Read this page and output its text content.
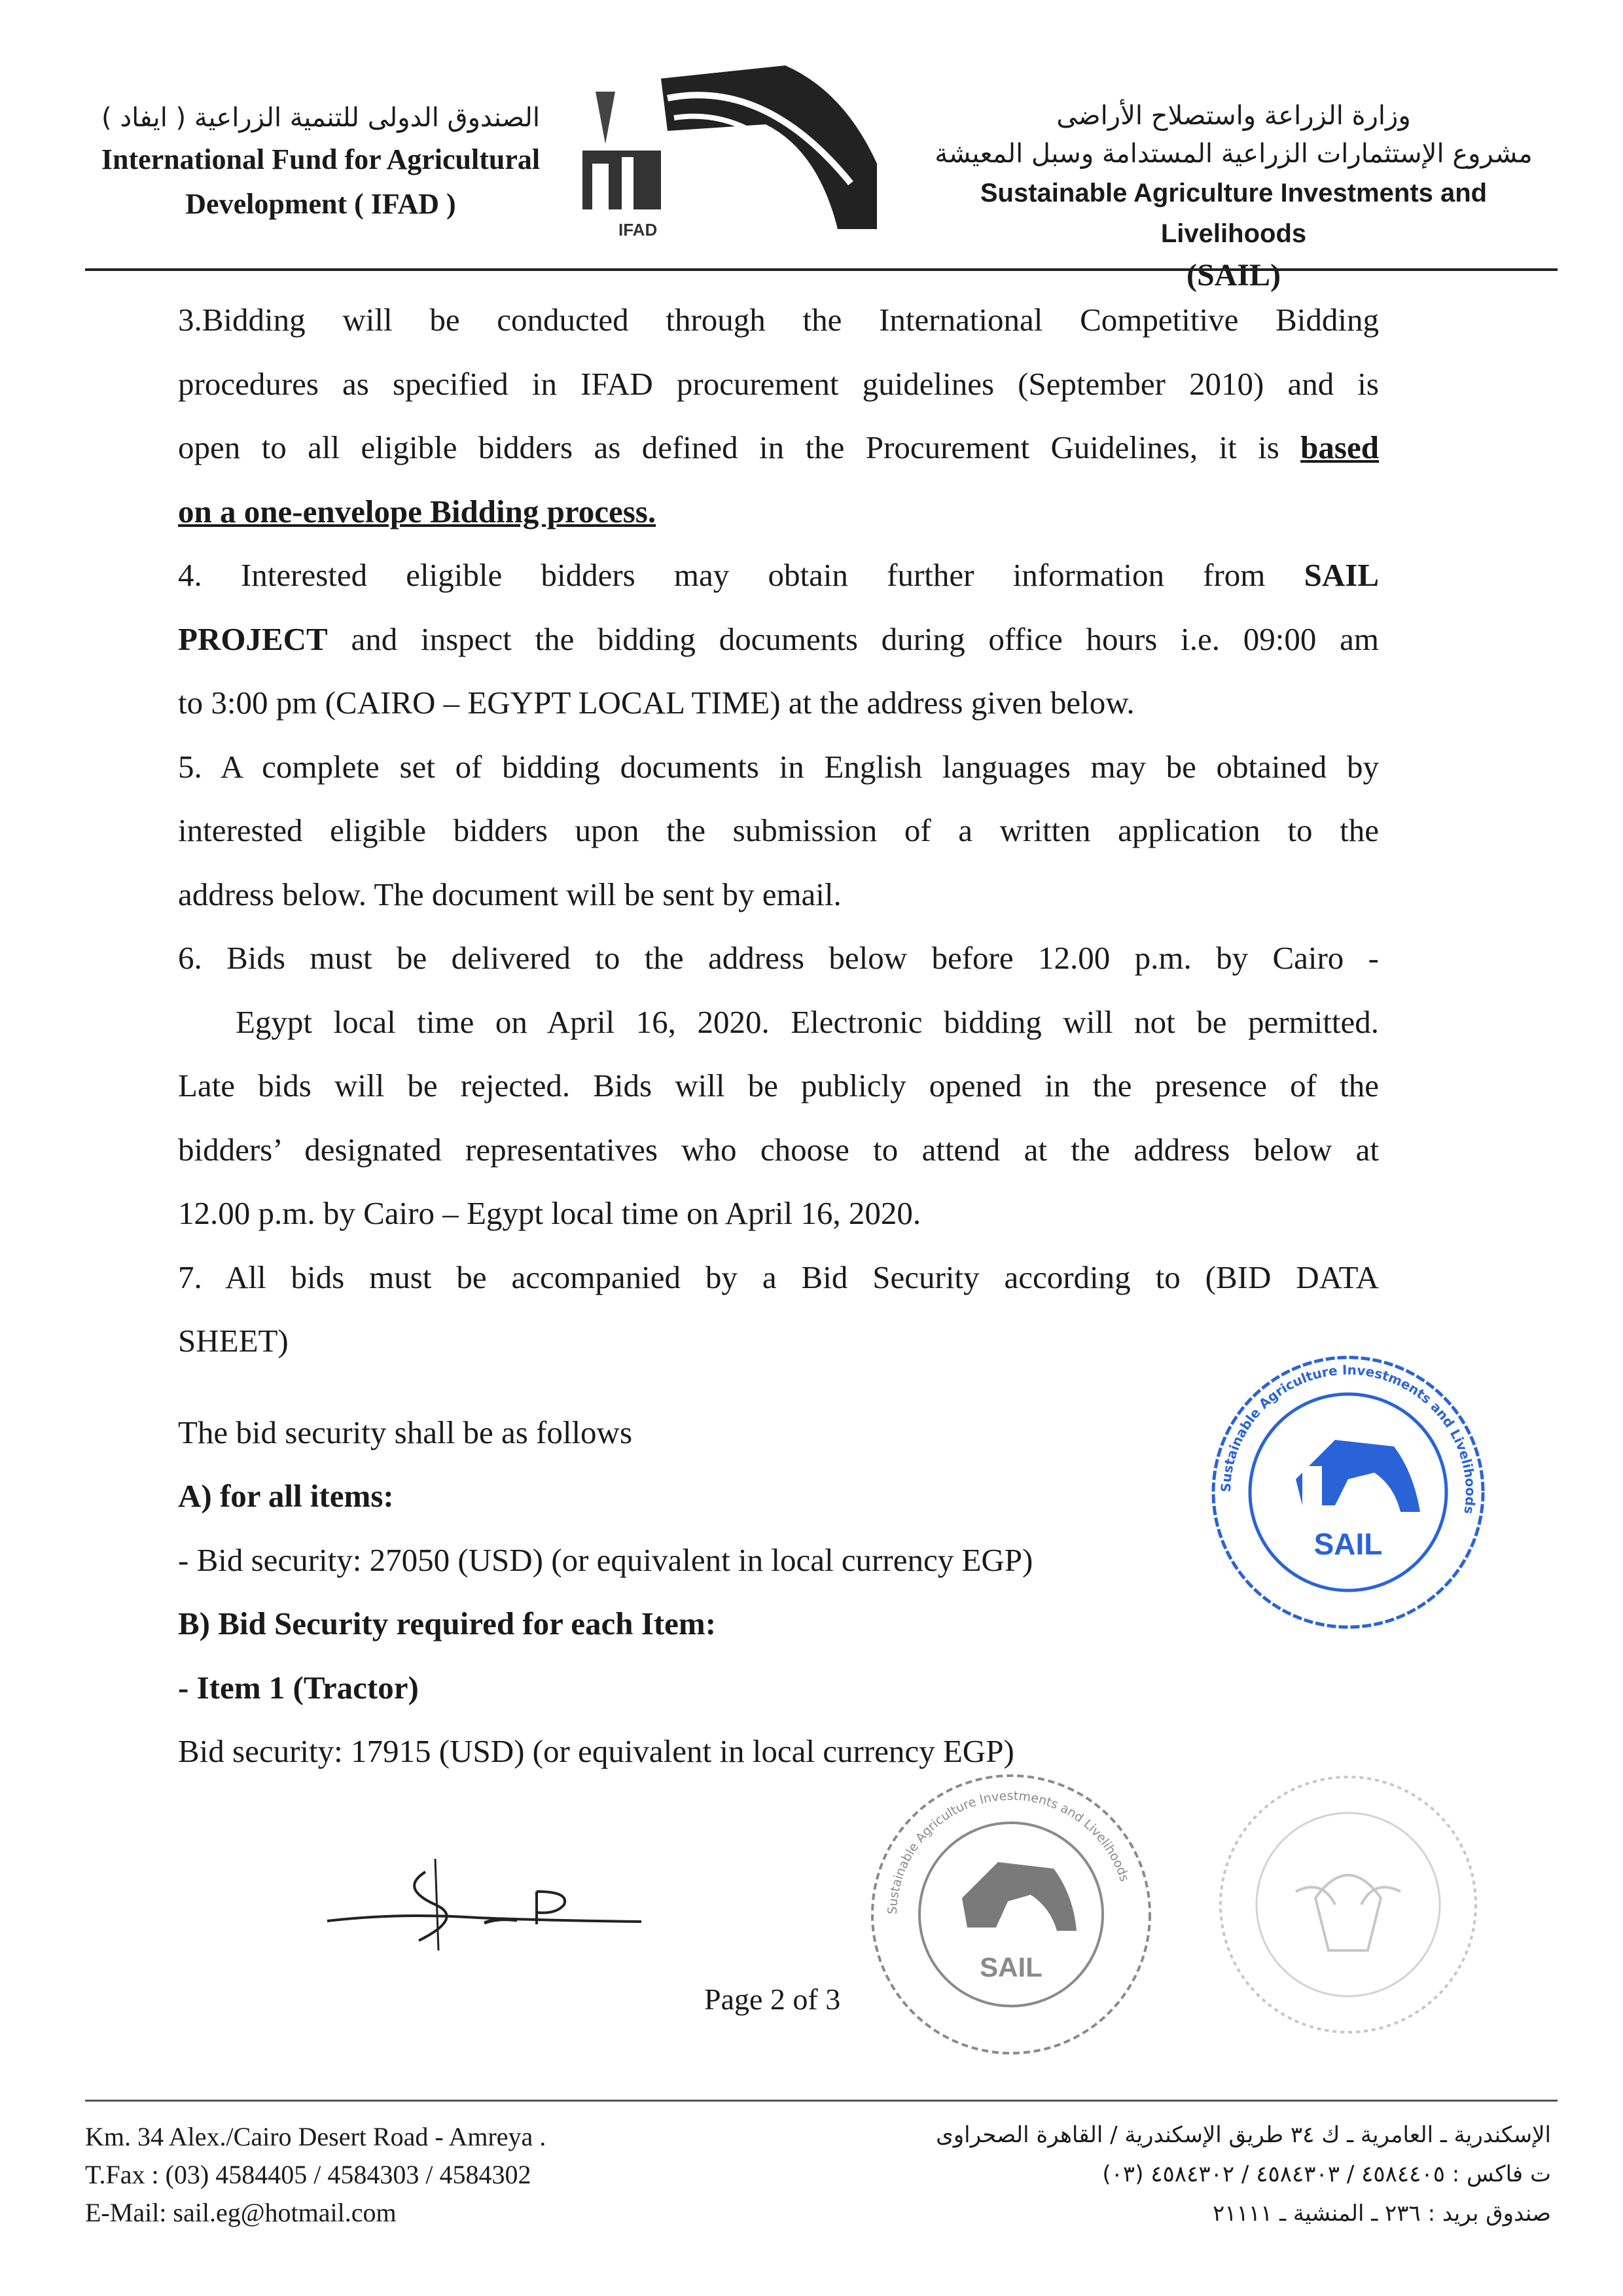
الصندوق الدولى للتنمية الزراعية ( ايفاد )
International Fund for Agricultural
Development ( IFAD )
IFAD
وزارة الزراعة واستصلاح الأراضى
مشروع الإستثمارات الزراعية المستدامة وسبل المعيشة
Sustainable Agriculture Investments and Livelihoods
(SAIL)

3.Bidding will be conducted through the International Competitive Bidding

procedures as specified in IFAD procurement guidelines (September 2010) and is

open to all eligible bidders as defined in the Procurement Guidelines, it is based

on a one-envelope Bidding process.

4. Interested eligible bidders may obtain further information from SAIL

PROJECT and inspect the bidding documents during office hours i.e. 09:00 am

to 3:00 pm (CAIRO – EGYPT LOCAL TIME) at the address given below.

5. A complete set of bidding documents in English languages may be obtained by

interested eligible bidders upon the submission of a written application to the

address below. The document will be sent by email.

6. Bids must be delivered to the address below before 12.00 p.m. by Cairo -

Egypt local time on April 16, 2020. Electronic bidding will not be permitted.

Late bids will be rejected. Bids will be publicly opened in the presence of the

bidders’ designated representatives who choose to attend at the address below at

12.00 p.m. by Cairo – Egypt local time on April 16, 2020.

7. All bids must be accompanied by a Bid Security according to (BID DATA

SHEET)

The bid security shall be as follows

A) for all items:

- Bid security: 27050 (USD) (or equivalent in local currency EGP)

B) Bid Security required for each Item:

- Item 1 (Tractor)

Bid security: 17915 (USD) (or equivalent in local currency EGP)

Sustainable Agriculture Investments and Livelihoods
SAIL
Sustainable Agriculture Investments and Livelihoods
SAIL
Page 2 of 3
Km. 34 Alex./Cairo Desert Road - Amreya .
T.Fax : (03) 4584405 / 4584303 / 4584302
E-Mail: sail.eg@hotmail.com
الإسكندرية ـ العامرية ـ ك ٣٤ طريق الإسكندرية / القاهرة الصحراوى
ت فاكس : ٤٥٨٤٤٠٥ / ٤٥٨٤٣٠٣ / ٤٥٨٤٣٠٢ (٠٣)
صندوق بريد : ٢٣٦ ـ المنشية ـ ٢١١١١
